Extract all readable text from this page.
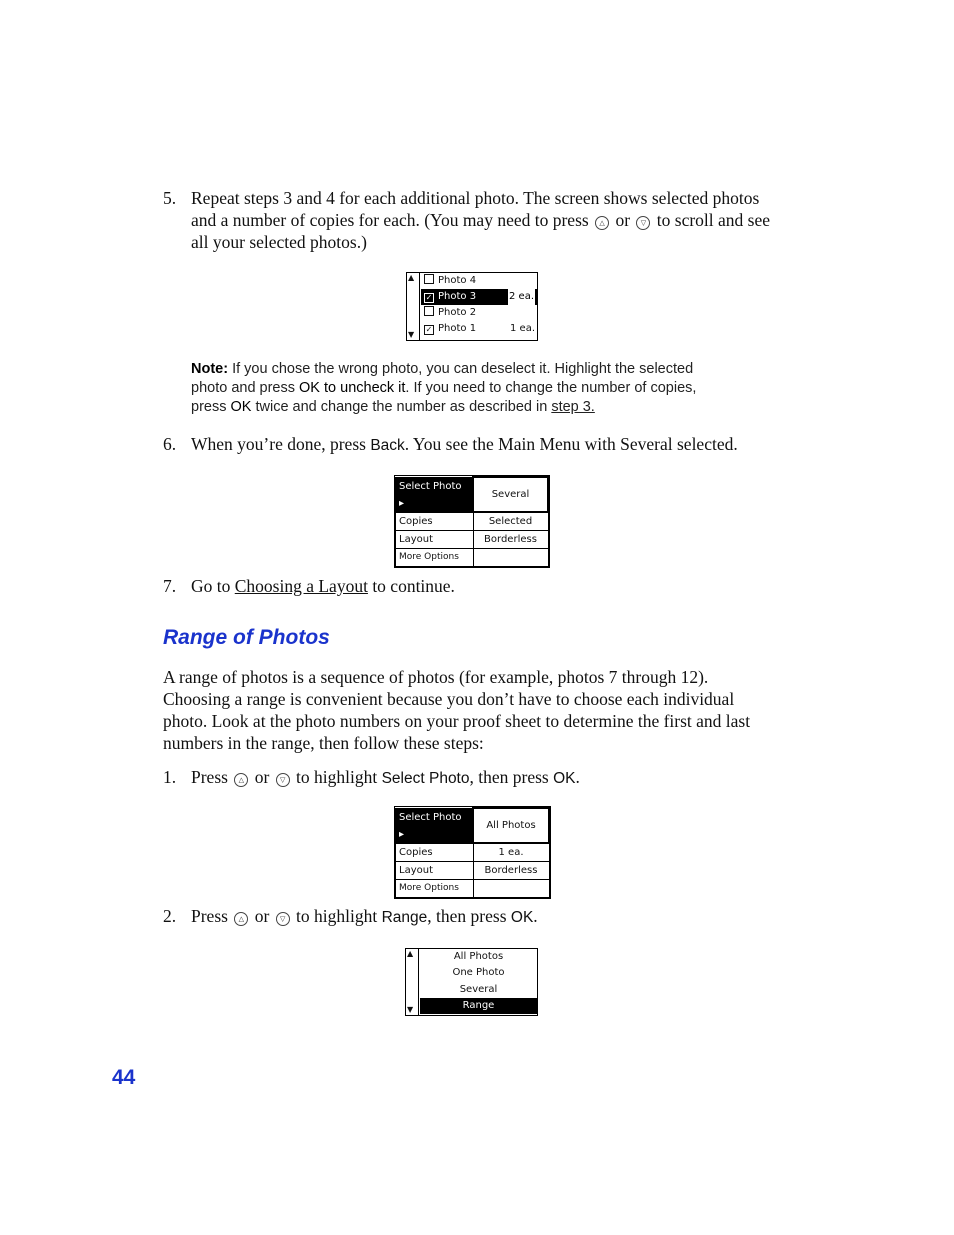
5. Repeat steps 3 and 4 for each additional photo. The screen shows selected photos
and a number of copies for each. (You may need to press △ or ▽ to scroll and see
all your selected photos.)
▲
▼
Photo 4
✓ Photo 3	2 ea.
Photo 2
✓ Photo 1	1 ea.
Note: If you chose the wrong photo, you can deselect it. Highlight the selected
photo and press OK to uncheck it. If you need to change the number of copies,
press OK twice and change the number as described in step 3.
6. When you’re done, press Back. You see the Main Menu with Several selected.
Select Photo ▸	Several
Copies	Selected
Layout	Borderless
More Options	
7. Go to Choosing a Layout to continue.
Range of Photos
A range of photos is a sequence of photos (for example, photos 7 through 12).
Choosing a range is convenient because you don’t have to choose each individual
photo. Look at the photo numbers on your proof sheet to determine the first and last
numbers in the range, then follow these steps:
1. Press △ or ▽ to highlight Select Photo, then press OK.
Select Photo ▸	All Photos
Copies	1 ea.
Layout	Borderless
More Options	
2. Press △ or ▽ to highlight Range, then press OK.
▲
▼
All Photos
One Photo
Several
Range
44
